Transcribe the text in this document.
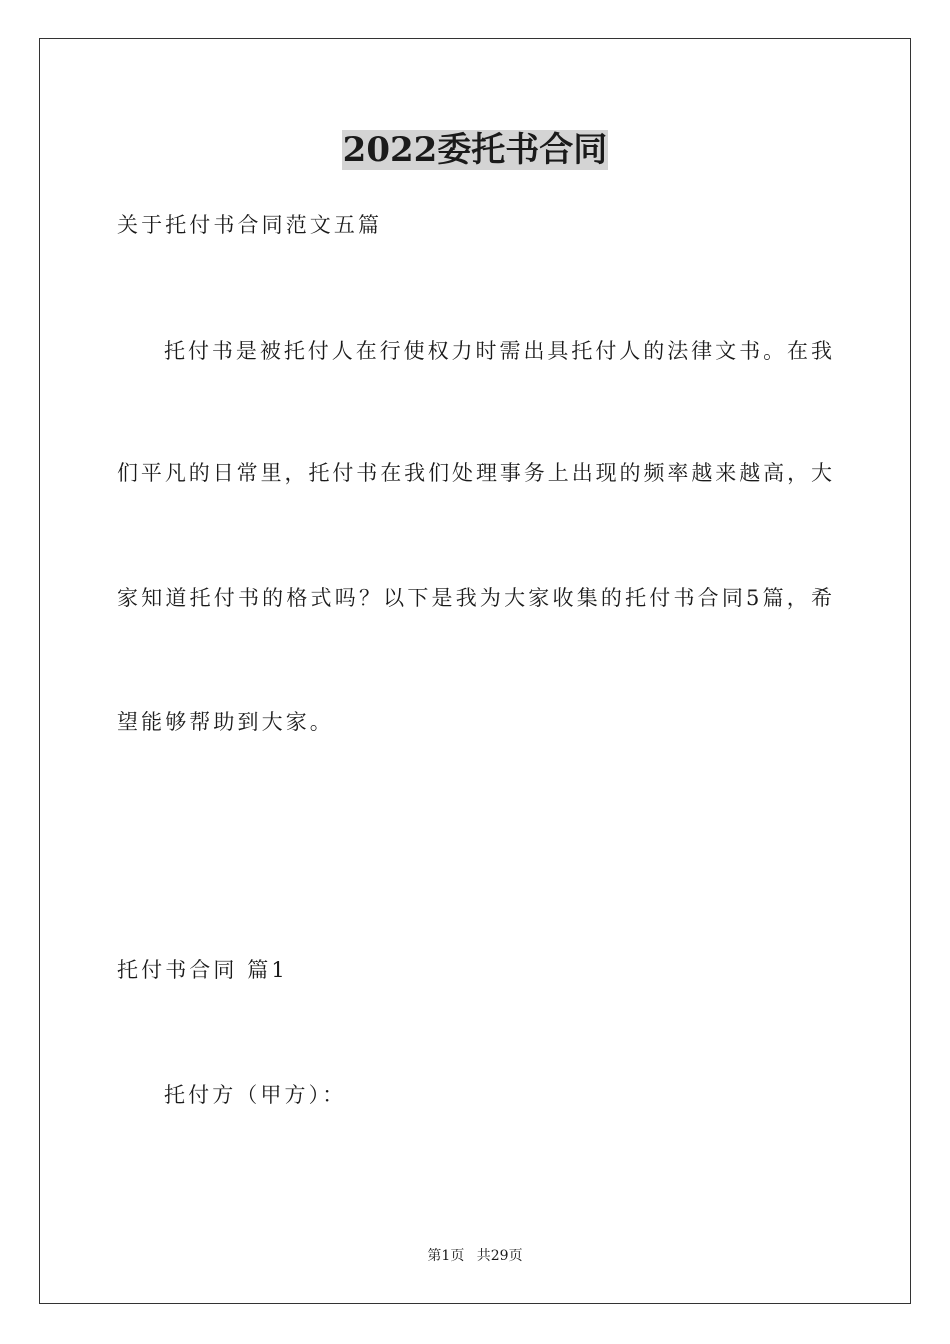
2022委托书合同
关于托付书合同范文五篇
托付书是被托付人在行使权力时需出具托付人的法律文书。在我
们平凡的日常里，托付书在我们处理事务上出现的频率越来越高，大
家知道托付书的格式吗？以下是我为大家收集的托付书合同5篇，希
望能够帮助到大家。
托付书合同 篇1
托付方（甲方）：
第1页 共29页
